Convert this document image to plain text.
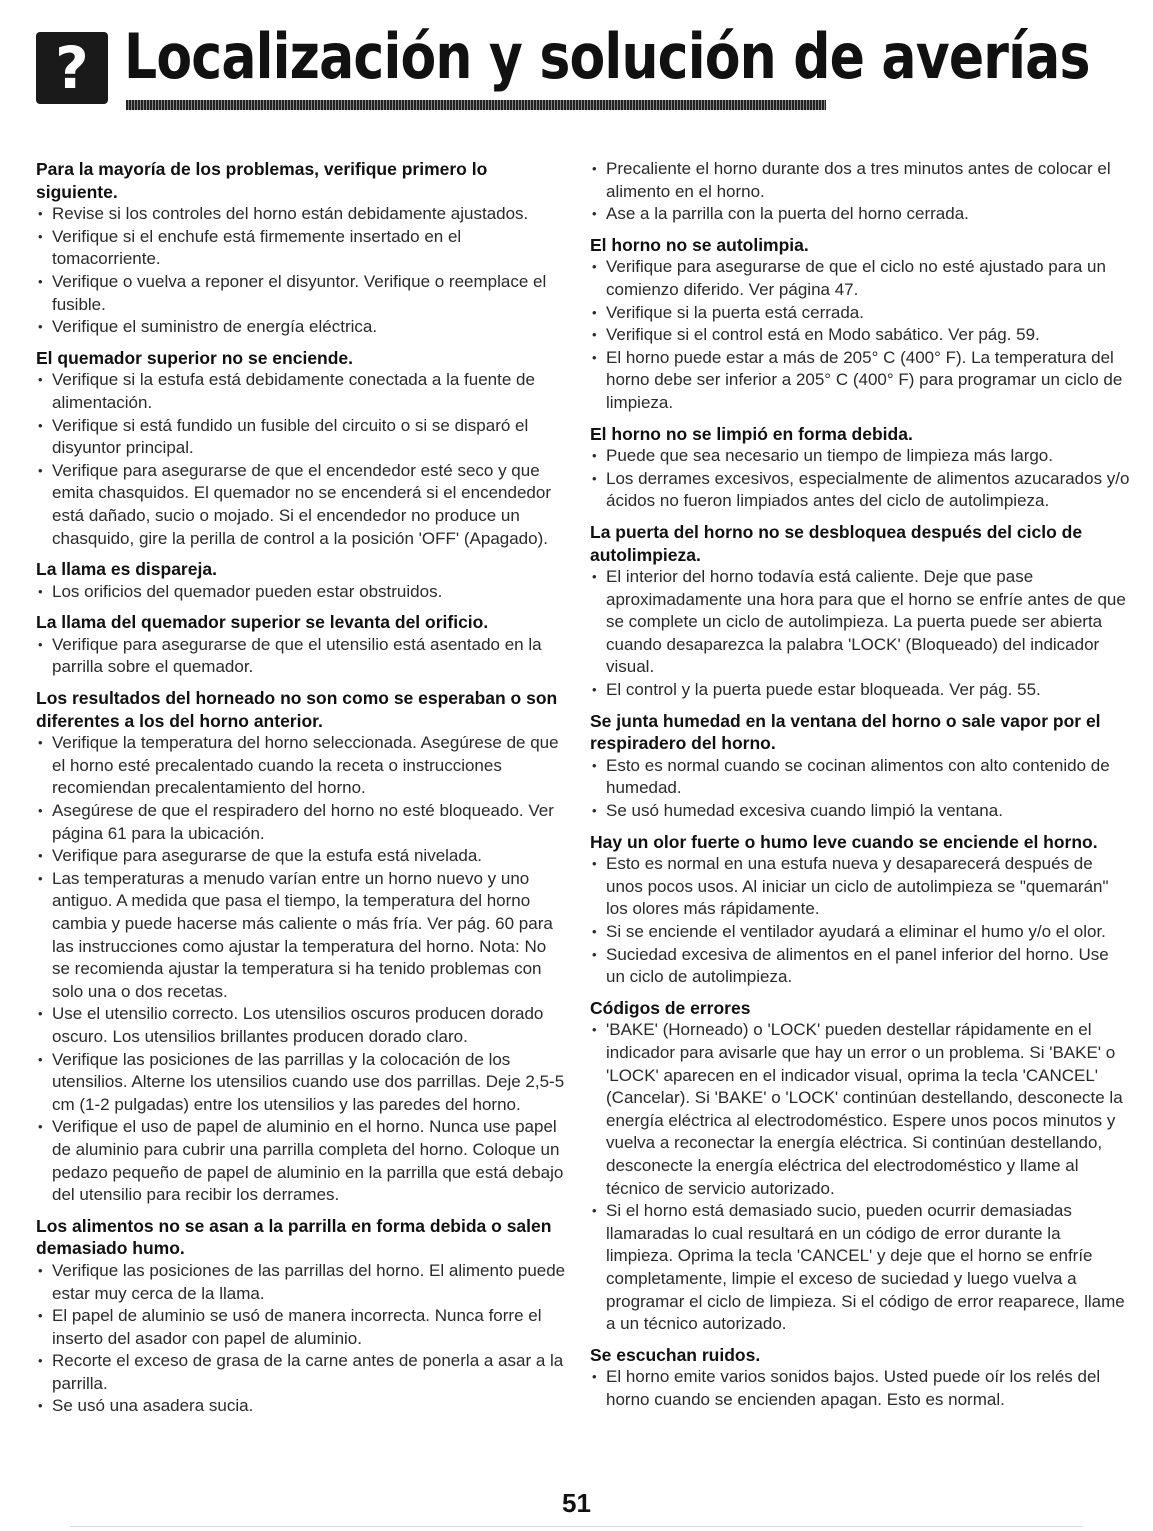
? Localización y solución de averías

Para la mayoría de los problemas, verifique primero lo siguiente.

• Revise si los controles del horno están debidamente ajustados.
• Verifique si el enchufe está firmemente insertado en el tomacorriente.
• Verifique o vuelva a reponer el disyuntor. Verifique o reemplace el fusible.
• Verifique el suministro de energía eléctrica.

El quemador superior no se enciende.

• Verifique si la estufa está debidamente conectada a la fuente de alimentación.
• Verifique si está fundido un fusible del circuito o si se disparó el disyuntor principal.
• Verifique para asegurarse de que el encendedor esté seco y que emita chasquidos. El quemador no se encenderá si el encendedor está dañado, sucio o mojado. Si el encendedor no produce un chasquido, gire la perilla de control a la posición 'OFF' (Apagado).

La llama es dispareja.

• Los orificios del quemador pueden estar obstruidos.

La llama del quemador superior se levanta del orificio.

• Verifique para asegurarse de que el utensilio está asentado en la parrilla sobre el quemador.

Los resultados del horneado no son como se esperaban o son diferentes a los del horno anterior.

• Verifique la temperatura del horno seleccionada. Asegúrese de que el horno esté precalentado cuando la receta o instrucciones recomiendan precalentamiento del horno.
• Asegúrese de que el respiradero del horno no esté bloqueado. Ver página 61 para la ubicación.
• Verifique para asegurarse de que la estufa está nivelada.
• Las temperaturas a menudo varían entre un horno nuevo y uno antiguo. A medida que pasa el tiempo, la temperatura del horno cambia y puede hacerse más caliente o más fría. Ver pág. 60 para las instrucciones como ajustar la temperatura del horno. Nota: No se recomienda ajustar la temperatura si ha tenido problemas con solo una o dos recetas.
• Use el utensilio correcto. Los utensilios oscuros producen dorado oscuro. Los utensilios brillantes producen dorado claro.
• Verifique las posiciones de las parrillas y la colocación de los utensilios. Alterne los utensilios cuando use dos parrillas. Deje 2,5-5 cm (1-2 pulgadas) entre los utensilios y las paredes del horno.
• Verifique el uso de papel de aluminio en el horno. Nunca use papel de aluminio para cubrir una parrilla completa del horno. Coloque un pedazo pequeño de papel de aluminio en la parrilla que está debajo del utensilio para recibir los derrames.

Los alimentos no se asan a la parrilla en forma debida o salen demasiado humo.

• Verifique las posiciones de las parrillas del horno. El alimento puede estar muy cerca de la llama.
• El papel de aluminio se usó de manera incorrecta. Nunca forre el inserto del asador con papel de aluminio.
• Recorte el exceso de grasa de la carne antes de ponerla a asar a la parrilla.
• Se usó una asadera sucia.
• Precaliente el horno durante dos a tres minutos antes de colocar el alimento en el horno.
• Ase a la parrilla con la puerta del horno cerrada.

El horno no se autolimpia.

• Verifique para asegurarse de que el ciclo no esté ajustado para un comienzo diferido. Ver página 47.
• Verifique si la puerta está cerrada.
• Verifique si el control está en Modo sabático. Ver pág. 59.
• El horno puede estar a más de 205° C (400° F). La temperatura del horno debe ser inferior a 205° C (400° F) para programar un ciclo de limpieza.

El horno no se limpió en forma debida.

• Puede que sea necesario un tiempo de limpieza más largo.
• Los derrames excesivos, especialmente de alimentos azucarados y/o ácidos no fueron limpiados antes del ciclo de autolimpieza.

La puerta del horno no se desbloquea después del ciclo de autolimpieza.

• El interior del horno todavía está caliente. Deje que pase aproximadamente una hora para que el horno se enfríe antes de que se complete un ciclo de autolimpieza. La puerta puede ser abierta cuando desaparezca la palabra 'LOCK' (Bloqueado) del indicador visual.
• El control y la puerta puede estar bloqueada. Ver pág. 55.

Se junta humedad en la ventana del horno o sale vapor por el respiradero del horno.

• Esto es normal cuando se cocinan alimentos con alto contenido de humedad.
• Se usó humedad excesiva cuando limpió la ventana.

Hay un olor fuerte o humo leve cuando se enciende el horno.

• Esto es normal en una estufa nueva y desaparecerá después de unos pocos usos. Al iniciar un ciclo de autolimpieza se "quemarán" los olores más rápidamente.
• Si se enciende el ventilador ayudará a eliminar el humo y/o el olor.
• Suciedad excesiva de alimentos en el panel inferior del horno. Use un ciclo de autolimpieza.

Códigos de errores

• 'BAKE' (Horneado) o 'LOCK' pueden destellar rápidamente en el indicador para avisarle que hay un error o un problema. Si 'BAKE' o 'LOCK' aparecen en el indicador visual, oprima la tecla 'CANCEL' (Cancelar). Si 'BAKE' o 'LOCK' continúan destellando, desconecte la energía eléctrica al electrodoméstico. Espere unos pocos minutos y vuelva a reconectar la energía eléctrica. Si continúan destellando, desconecte la energía eléctrica del electrodoméstico y llame al técnico de servicio autorizado.
• Si el horno está demasiado sucio, pueden ocurrir demasiadas llamaradas lo cual resultará en un código de error durante la limpieza. Oprima la tecla 'CANCEL' y deje que el horno se enfríe completamente, limpie el exceso de suciedad y luego vuelva a programar el ciclo de limpieza. Si el código de error reaparece, llame a un técnico autorizado.

Se escuchan ruidos.

• El horno emite varios sonidos bajos. Usted puede oír los relés del horno cuando se encienden apagan. Esto es normal.
51
